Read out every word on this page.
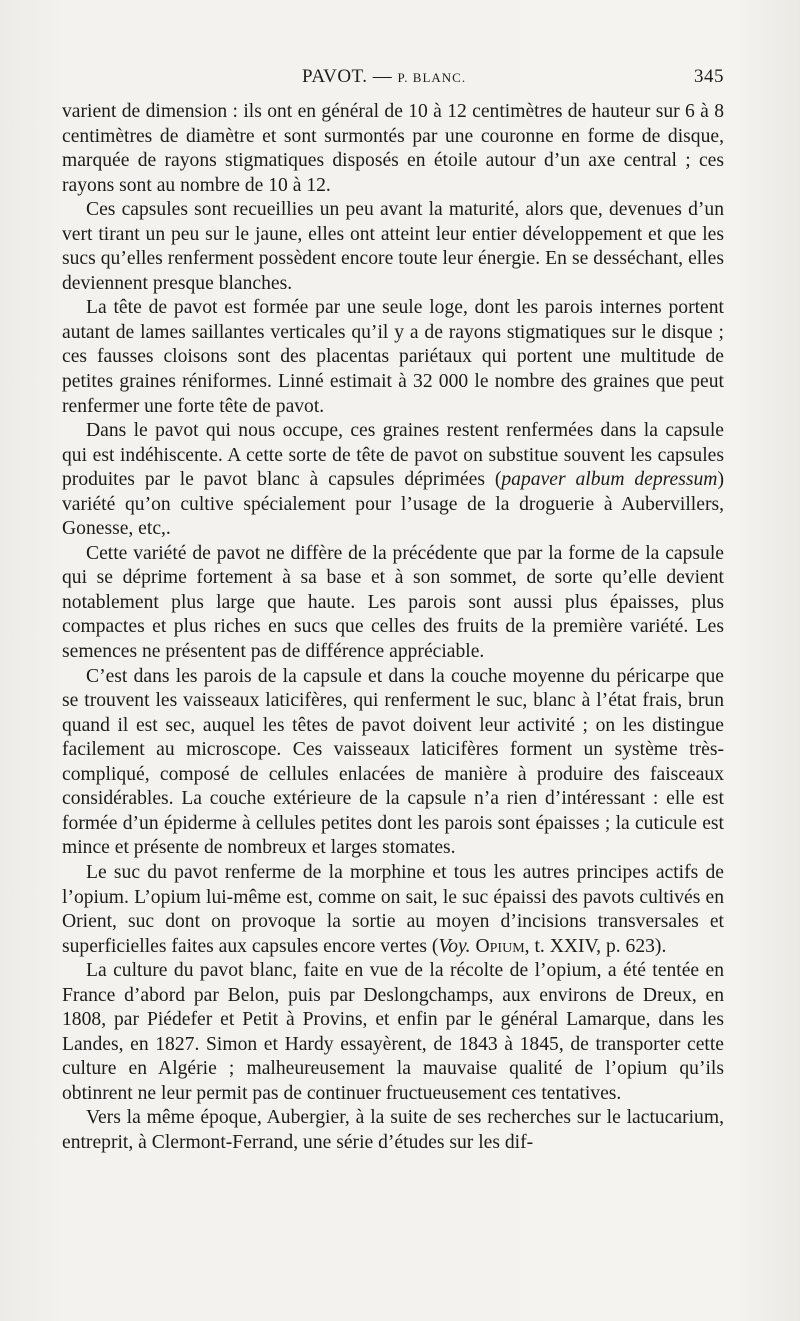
PAVOT. — P. BLANC.	345

varient de dimension : ils ont en général de 10 à 12 centimètres de hauteur sur 6 à 8 centimètres de diamètre et sont surmontés par une couronne en forme de disque, marquée de rayons stigmatiques disposés en étoile autour d’un axe central ; ces rayons sont au nombre de 10 à 12.

Ces capsules sont recueillies un peu avant la maturité, alors que, devenues d’un vert tirant un peu sur le jaune, elles ont atteint leur entier développement et que les sucs qu’elles renferment possèdent encore toute leur énergie. En se desséchant, elles deviennent presque blanches.

La tête de pavot est formée par une seule loge, dont les parois internes portent autant de lames saillantes verticales qu’il y a de rayons stigmatiques sur le disque ; ces fausses cloisons sont des placentas pariétaux qui portent une multitude de petites graines réniformes. Linné estimait à 32 000 le nombre des graines que peut renfermer une forte tête de pavot.

Dans le pavot qui nous occupe, ces graines restent renfermées dans la capsule qui est indéhiscente. A cette sorte de tête de pavot on substitue souvent les capsules produites par le pavot blanc à capsules déprimées (papaver album depressum) variété qu’on cultive spécialement pour l’usage de la droguerie à Aubervillers, Gonesse, etc,.

Cette variété de pavot ne diffère de la précédente que par la forme de la capsule qui se déprime fortement à sa base et à son sommet, de sorte qu’elle devient notablement plus large que haute. Les parois sont aussi plus épaisses, plus compactes et plus riches en sucs que celles des fruits de la première variété. Les semences ne présentent pas de différence appréciable.

C’est dans les parois de la capsule et dans la couche moyenne du péricarpe que se trouvent les vaisseaux laticifères, qui renferment le suc, blanc à l’état frais, brun quand il est sec, auquel les têtes de pavot doivent leur activité ; on les distingue facilement au microscope. Ces vaisseaux laticifères forment un système très-compliqué, composé de cellules enlacées de manière à produire des faisceaux considérables. La couche extérieure de la capsule n’a rien d’intéressant : elle est formée d’un épiderme à cellules petites dont les parois sont épaisses ; la cuticule est mince et présente de nombreux et larges stomates.

Le suc du pavot renferme de la morphine et tous les autres principes actifs de l’opium. L’opium lui-même est, comme on sait, le suc épaissi des pavots cultivés en Orient, suc dont on provoque la sortie au moyen d’incisions transversales et superficielles faites aux capsules encore vertes (Voy. Opium, t. XXIV, p. 623).

La culture du pavot blanc, faite en vue de la récolte de l’opium, a été tentée en France d’abord par Belon, puis par Deslongchamps, aux environs de Dreux, en 1808, par Piédefer et Petit à Provins, et enfin par le général Lamarque, dans les Landes, en 1827. Simon et Hardy essayèrent, de 1843 à 1845, de transporter cette culture en Algérie ; malheureusement la mauvaise qualité de l’opium qu’ils obtinrent ne leur permit pas de continuer fructueusement ces tentatives.

Vers la même époque, Aubergier, à la suite de ses recherches sur le lactucarium, entreprit, à Clermont-Ferrand, une série d’études sur les dif-
